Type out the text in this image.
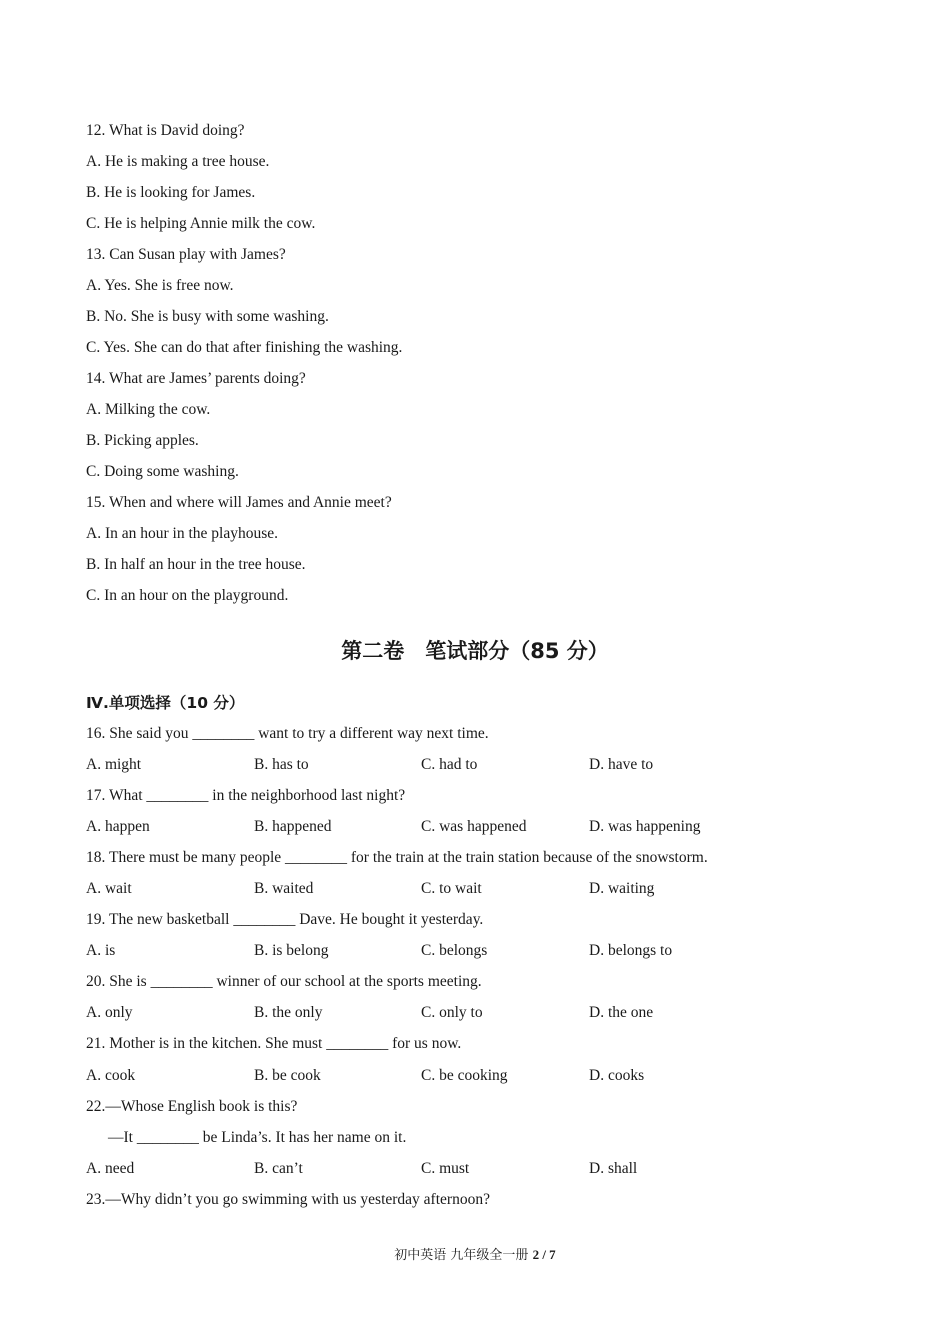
12. What is David doing?
A. He is making a tree house.
B. He is looking for James.
C. He is helping Annie milk the cow.
13. Can Susan play with James?
A. Yes. She is free now.
B. No. She is busy with some washing.
C. Yes. She can do that after finishing the washing.
14. What are James’ parents doing?
A. Milking the cow.
B. Picking apples.
C. Doing some washing.
15. When and where will James and Annie meet?
A. In an hour in the playhouse.
B. In half an hour in the tree house.
C. In an hour on the playground.
第二卷　笔试部分（85 分）
Ⅳ.单项选择（10 分）
16. She said you ________ want to try a different way next time.
A. might	B. has to	C. had to	D. have to
17. What ________ in the neighborhood last night?
A. happen	B. happened	C. was happened	D. was happening
18. There must be many people ________ for the train at the train station because of the snowstorm.
A. wait	B. waited	C. to wait	D. waiting
19. The new basketball ________ Dave. He bought it yesterday.
A. is	B. is belong	C. belongs	D. belongs to
20. She is ________ winner of our school at the sports meeting.
A. only	B. the only	C. only to	D. the one
21. Mother is in the kitchen. She must ________ for us now.
A. cook	B. be cook	C. be cooking	D. cooks
22.—Whose English book is this?
—It ________ be Linda’s. It has her name on it.
A. need	B. can’t	C. must	D. shall
23.—Why didn’t you go swimming with us yesterday afternoon?
初中英语 九年级全一册 2 / 7
